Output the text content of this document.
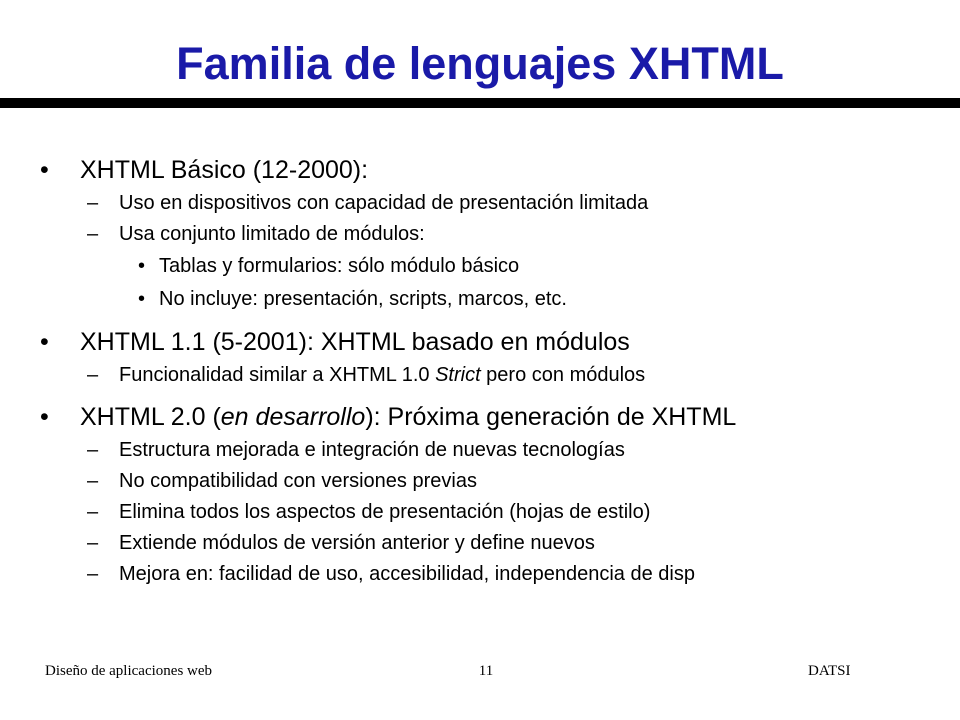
Familia de lenguajes XHTML
• XHTML Básico (12-2000):
– Uso en dispositivos con capacidad de presentación limitada
– Usa conjunto limitado de módulos:
• Tablas y formularios: sólo módulo básico
• No incluye: presentación, scripts, marcos, etc.
• XHTML 1.1 (5-2001): XHTML basado en módulos
– Funcionalidad similar a XHTML 1.0 Strict pero con módulos
• XHTML 2.0 (en desarrollo): Próxima generación de XHTML
– Estructura mejorada e integración de nuevas tecnologías
– No compatibilidad con versiones previas
– Elimina todos los aspectos de presentación (hojas de estilo)
– Extiende módulos de versión anterior y define nuevos
– Mejora en: facilidad de uso, accesibilidad, independencia de disp
Diseño de aplicaciones web	11	DATSI
